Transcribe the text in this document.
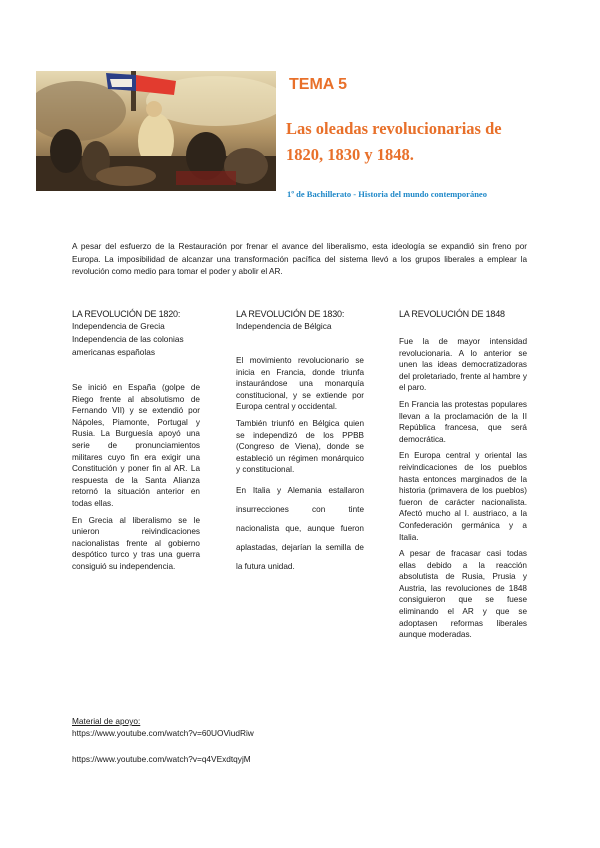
TEMA 5
Las oleadas revolucionarias de
1820, 1830 y 1848.
1º de Bachillerato - Historia del mundo contemporáneo

A pesar del esfuerzo de la Restauración por frenar el avance del liberalismo, esta ideología se expandió sin freno por Europa. La imposibilidad de alcanzar una transformación pacífica del sistema llevó a los grupos liberales a emplear la revolución como medio para tomar el poder y abolir el AR.

LA REVOLUCIÓN DE 1820:
Independencia de Grecia
Independencia de las colonias americanas españolas

Se inició en España (golpe de Riego frente al absolutismo de Fernando VII) y se extendió por Nápoles, Piamonte, Portugal y Rusia. La Burguesía apoyó una serie de pronunciamientos militares cuyo fin era exigir una Constitución y poner fin al AR. La respuesta de la Santa Alianza retornó la situación anterior en todas ellas.

En Grecia al liberalismo se le unieron reivindicaciones nacionalistas frente al gobierno despótico turco y tras una guerra consiguió su independencia.

LA REVOLUCIÓN DE 1830:
Independencia de Bélgica

El movimiento revolucionario se inicia en Francia, donde triunfa instaurándose una monarquía constitucional, y se extiende por Europa central y occidental.

También triunfó en Bélgica quien se independizó de los PPBB (Congreso de Viena), donde se estableció un régimen monárquico y constitucional.

En Italia y Alemania estallaron insurrecciones con tinte nacionalista que, aunque fueron aplastadas, dejarían la semilla de la futura unidad.

LA REVOLUCIÓN DE 1848

Fue la de mayor intensidad revolucionaria. A lo anterior se unen las ideas democratizadoras del proletariado, frente al hambre y el paro.

En Francia las protestas populares llevan a la proclamación de la II República francesa, que será democrática.

En Europa central y oriental las reivindicaciones de los pueblos hasta entonces marginados de la historia (primavera de los pueblos) fueron de carácter nacionalista. Afectó mucho al I. austriaco, a la Confederación germánica y a Italia.

A pesar de fracasar casi todas ellas debido a la reacción absolutista de Rusia, Prusia y Austria, las revoluciones de 1848 consiguieron que se fuese eliminando el AR y que se adoptasen reformas liberales aunque moderadas.

Material de apoyo:
https://www.youtube.com/watch?v=60UOViudRiw
https://www.youtube.com/watch?v=q4VExdtqyjM
